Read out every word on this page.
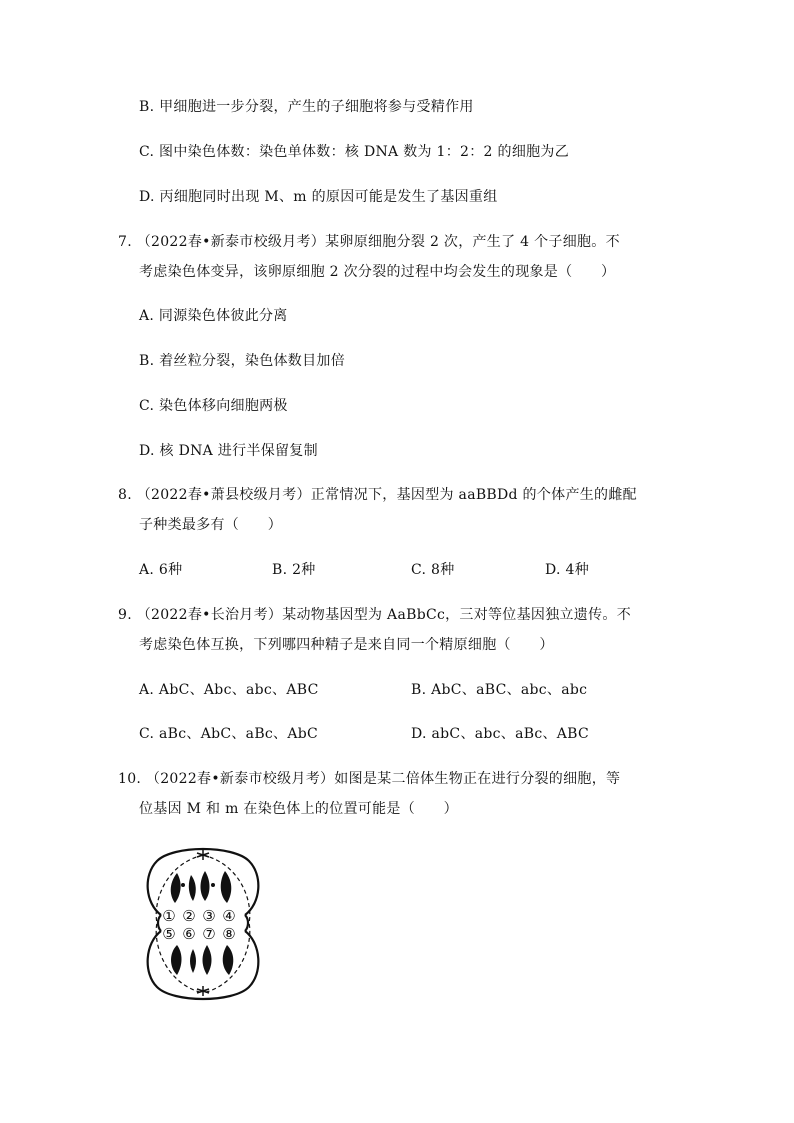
B. 甲细胞进一步分裂，产生的子细胞将参与受精作用
C. 图中染色体数：染色单体数：核 DNA 数为 1：2：2 的细胞为乙
D. 丙细胞同时出现 M、m 的原因可能是发生了基因重组
7. （2022春•新泰市校级月考）某卵原细胞分裂 2 次，产生了 4 个子细胞。不
考虑染色体变异，该卵原细胞 2 次分裂的过程中均会发生的现象是（　　）
A. 同源染色体彼此分离
B. 着丝粒分裂，染色体数目加倍
C. 染色体移向细胞两极
D. 核 DNA 进行半保留复制
8. （2022春•萧县校级月考）正常情况下，基因型为 aaBBDd 的个体产生的雌配
子种类最多有（　　）
A. 6种	B. 2种	C. 8种	D. 4种
9. （2022春•长治月考）某动物基因型为 AaBbCc，三对等位基因独立遗传。不
考虑染色体互换，下列哪四种精子是来自同一个精原细胞（　　）
A. AbC、Abc、abc、ABC	B. AbC、aBC、abc、abc
C. aBc、AbC、aBc、AbC	D. abC、abc、aBc、ABC
10. （2022春•新泰市校级月考）如图是某二倍体生物正在进行分裂的细胞，等
位基因 M 和 m 在染色体上的位置可能是（　　）
① ② ③ ④
⑤ ⑥ ⑦ ⑧
